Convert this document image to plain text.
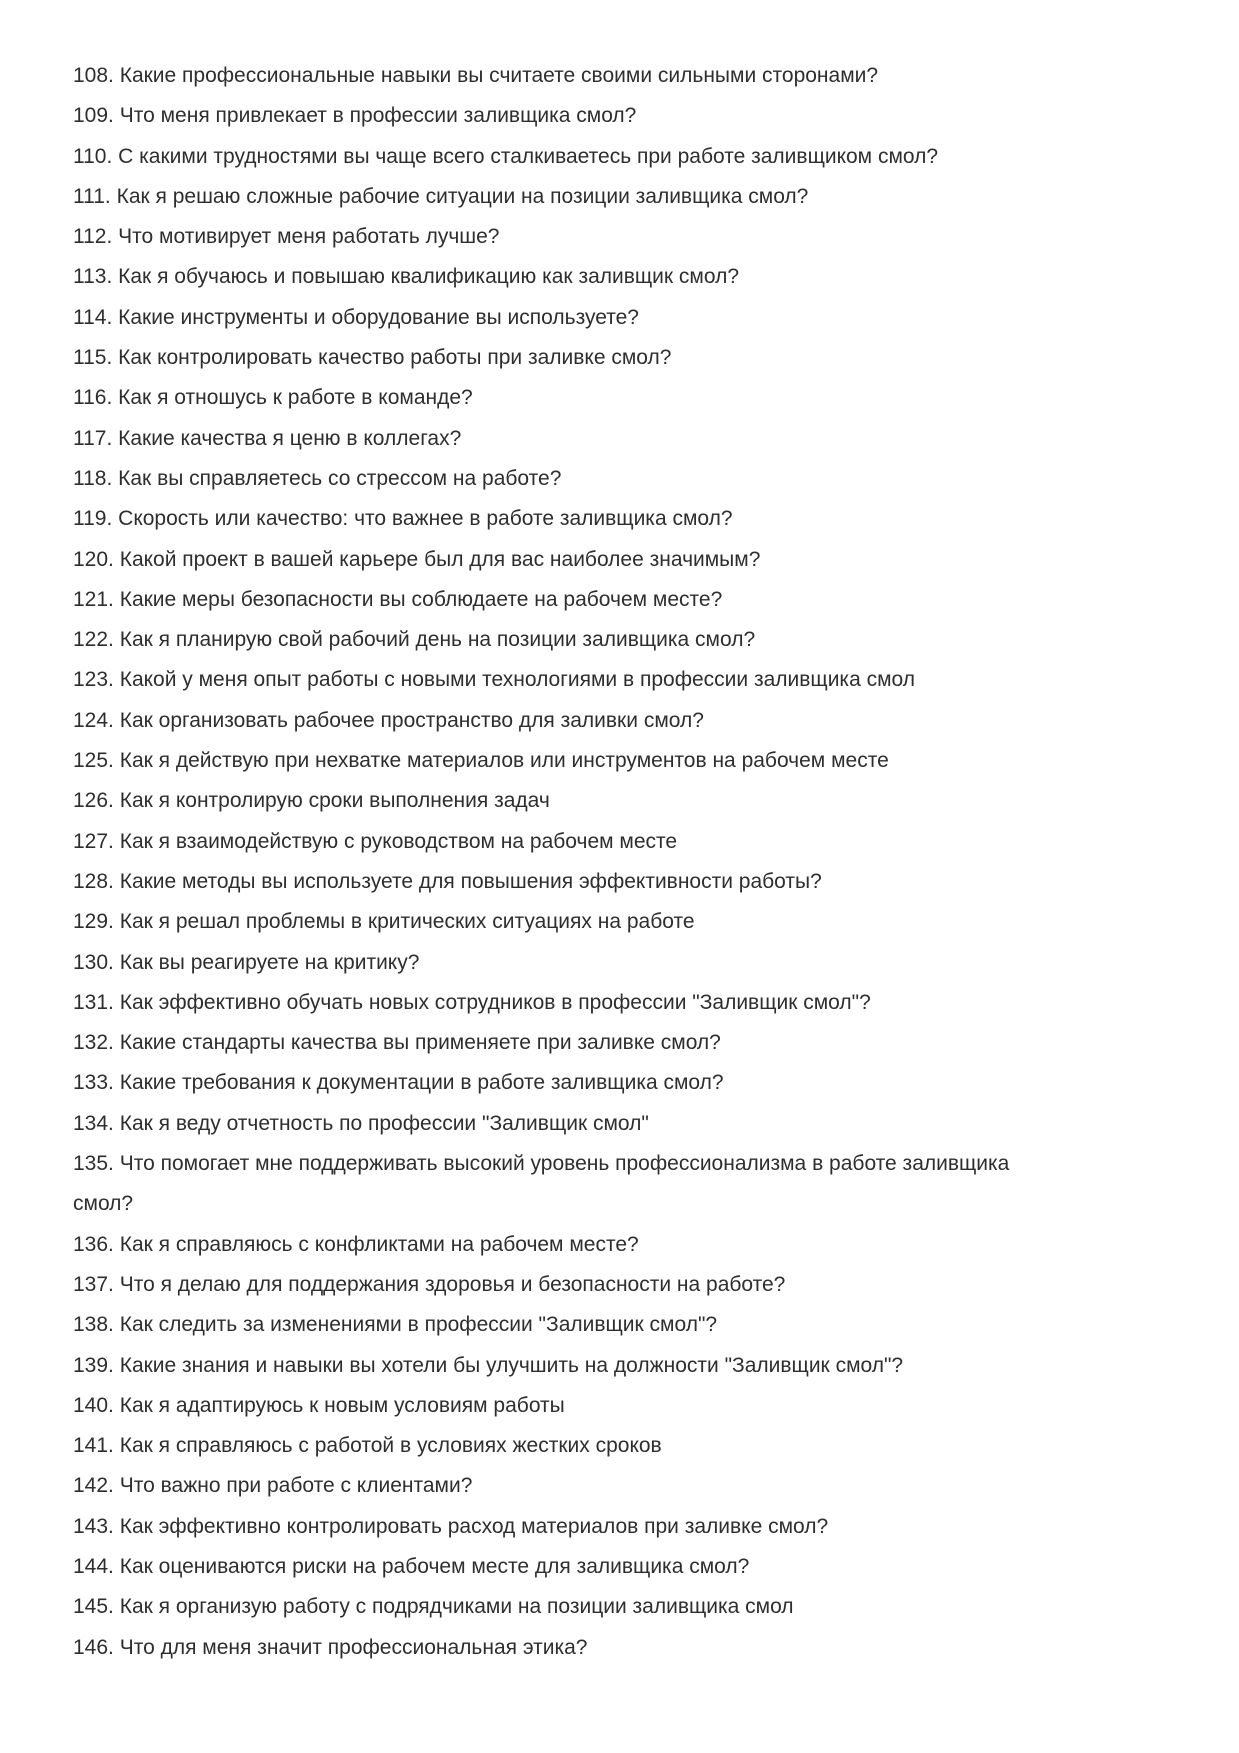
108. Какие профессиональные навыки вы считаете своими сильными сторонами?

109. Что меня привлекает в профессии заливщика смол?

110. С какими трудностями вы чаще всего сталкиваетесь при работе заливщиком смол?

111. Как я решаю сложные рабочие ситуации на позиции заливщика смол?

112. Что мотивирует меня работать лучше?

113. Как я обучаюсь и повышаю квалификацию как заливщик смол?

114. Какие инструменты и оборудование вы используете?

115. Как контролировать качество работы при заливке смол?

116. Как я отношусь к работе в команде?

117. Какие качества я ценю в коллегах?

118. Как вы справляетесь со стрессом на работе?

119. Скорость или качество: что важнее в работе заливщика смол?

120. Какой проект в вашей карьере был для вас наиболее значимым?

121. Какие меры безопасности вы соблюдаете на рабочем месте?

122. Как я планирую свой рабочий день на позиции заливщика смол?

123. Какой у меня опыт работы с новыми технологиями в профессии заливщика смол

124. Как организовать рабочее пространство для заливки смол?

125. Как я действую при нехватке материалов или инструментов на рабочем месте

126. Как я контролирую сроки выполнения задач

127. Как я взаимодействую с руководством на рабочем месте

128. Какие методы вы используете для повышения эффективности работы?

129. Как я решал проблемы в критических ситуациях на работе

130. Как вы реагируете на критику?

131. Как эффективно обучать новых сотрудников в профессии "Заливщик смол"?

132. Какие стандарты качества вы применяете при заливке смол?

133. Какие требования к документации в работе заливщика смол?

134. Как я веду отчетность по профессии "Заливщик смол"

135. Что помогает мне поддерживать высокий уровень профессионализма в работе заливщика смол?

136. Как я справляюсь с конфликтами на рабочем месте?

137. Что я делаю для поддержания здоровья и безопасности на работе?

138. Как следить за изменениями в профессии "Заливщик смол"?

139. Какие знания и навыки вы хотели бы улучшить на должности "Заливщик смол"?

140. Как я адаптируюсь к новым условиям работы

141. Как я справляюсь с работой в условиях жестких сроков

142. Что важно при работе с клиентами?

143. Как эффективно контролировать расход материалов при заливке смол?

144. Как оцениваются риски на рабочем месте для заливщика смол?

145. Как я организую работу с подрядчиками на позиции заливщика смол

146. Что для меня значит профессиональная этика?
